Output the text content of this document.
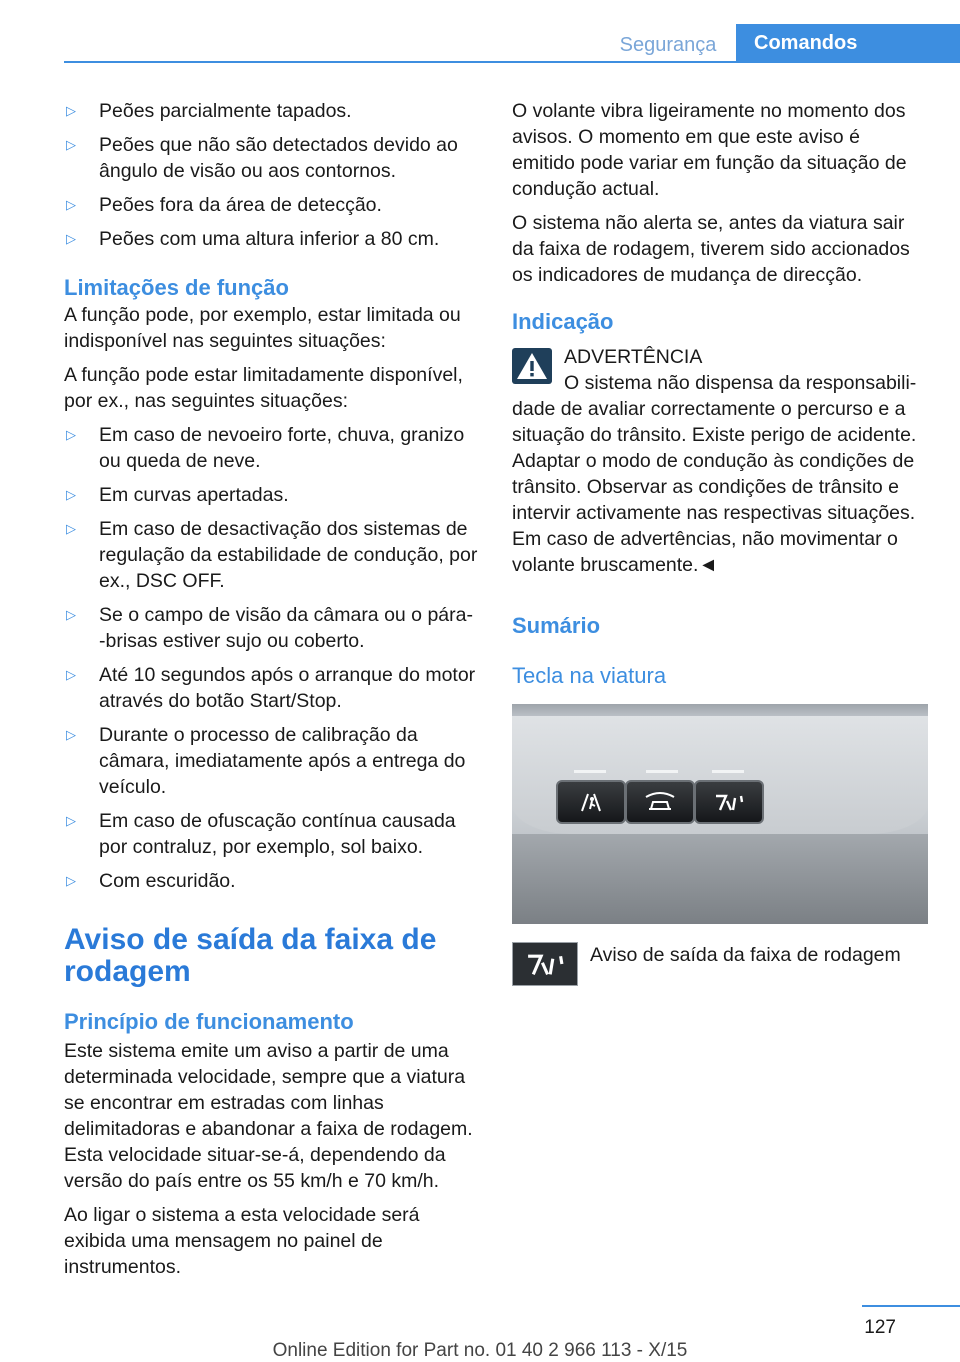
Segurança	Comandos
▷ Peões parcialmente tapados.
▷ Peões que não são detectados devido ao ângulo de visão ou aos contornos.
▷ Peões fora da área de detecção.
▷ Peões com uma altura inferior a 80 cm.
Limitações de função

A função pode, por exemplo, estar limitada ou indisponível nas seguintes situações:

A função pode estar limitadamente disponível, por ex., nas seguintes situações:

▷ Em caso de nevoeiro forte, chuva, granizo ou queda de neve.
▷ Em curvas apertadas.
▷ Em caso de desactivação dos sistemas de regulação da estabilidade de condução, por ex., DSC OFF.
▷ Se o campo de visão da câmara ou o pára--brisas estiver sujo ou coberto.
▷ Até 10 segundos após o arranque do motor através do botão Start/Stop.
▷ Durante o processo de calibração da câmara, imediatamente após a entrega do veículo.
▷ Em caso de ofuscação contínua causada por contraluz, por exemplo, sol baixo.
▷ Com escuridão.
Aviso de saída da faixa de rodagem
Princípio de funcionamento

Este sistema emite um aviso a partir de uma determinada velocidade, sempre que a viatura se encontrar em estradas com linhas delimitadoras e abandonar a faixa de rodagem. Esta velocidade situar-se-á, dependendo da versão do país entre os 55 km/h e 70 km/h.

Ao ligar o sistema a esta velocidade será exibida uma mensagem no painel de instrumentos.

O volante vibra ligeiramente no momento dos avisos. O momento em que este aviso é emitido pode variar em função da situação de condução actual.

O sistema não alerta se, antes da viatura sair da faixa de rodagem, tiverem sido accionados os indicadores de mudança de direcção.

Indicação
ADVERTÊNCIA
O sistema não dispensa da responsabili-
dade de avaliar correctamente o percurso e a situação do trânsito. Existe perigo de acidente. Adaptar o modo de condução às condições de trânsito. Observar as condições de trânsito e intervir activamente nas respectivas situações. Em caso de advertências, não movimentar o volante bruscamente.◄
Sumário
Tecla na viatura
Aviso de saída da faixa de rodagem
127
Online Edition for Part no. 01 40 2 966 113 - X/15
